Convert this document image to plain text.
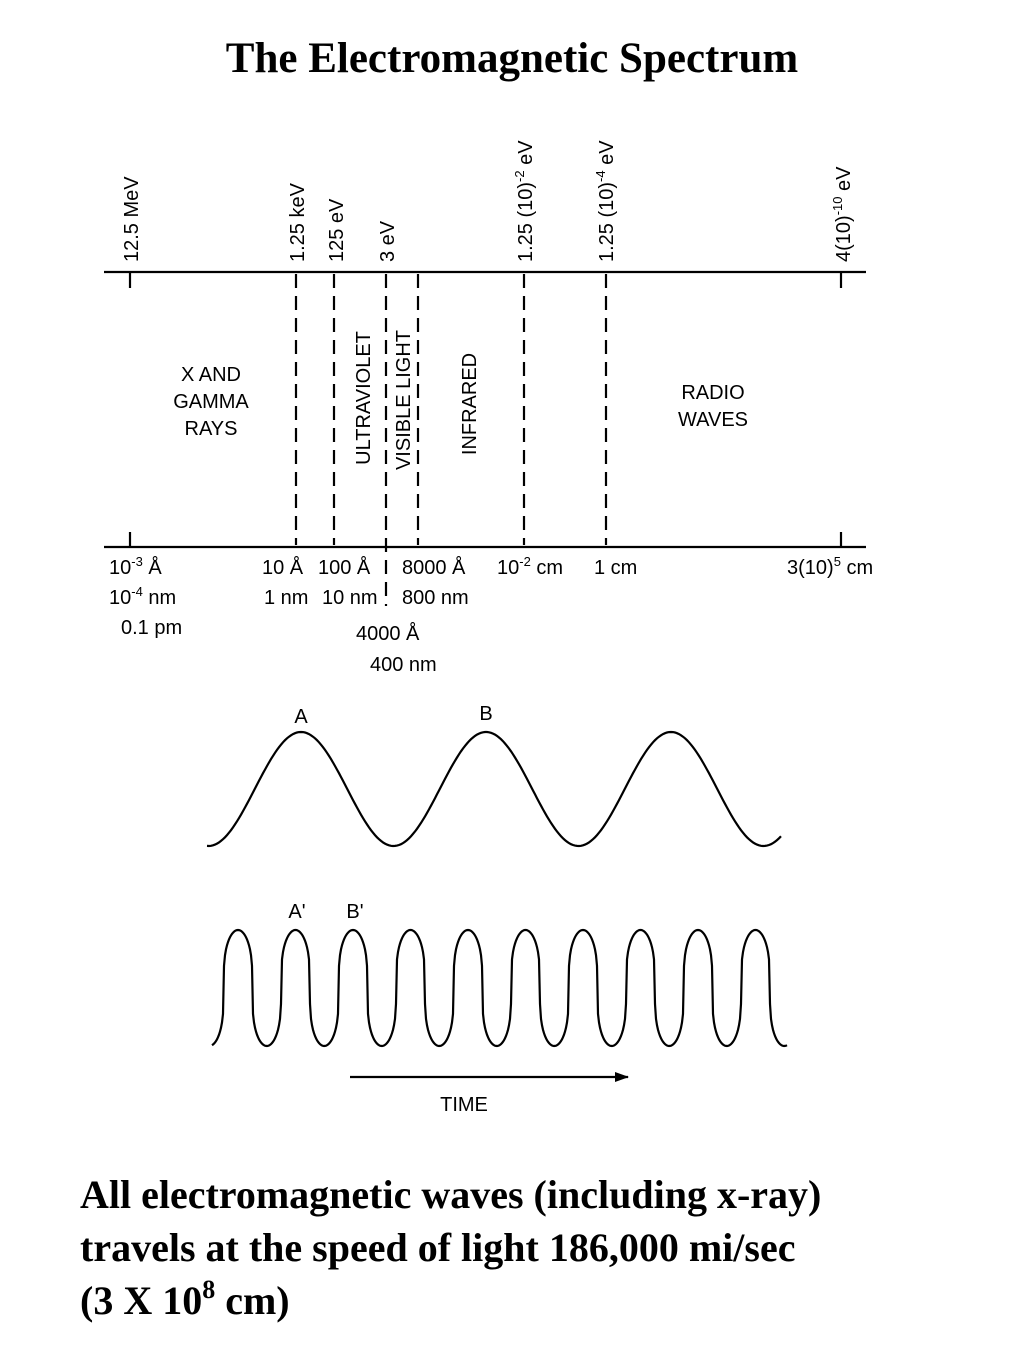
The Electromagnetic Spectrum
12.5 MeV	1.25 keV 125 eV 3 eV	1.25 $(10)^{-2}$ eV
1.25 $(10)^{-4}$ eV
$4(10)^{-10}$ eV
X AND
GAMMA
RAYS	ULTRAVIOLET VISIBLE LIGHT INFRARED	RADIO
WAVES
$10^{-3}$ Å
$10^{-4}$ nm
0.1 pm
10 Å
1 nm
100 Å
10 nm
4000 Å
400 nm
8000 Å
800 nm
$10^{-2}$ cm 1 cm	$3(10)^5$ cm
A	B
A' B'
TIME
All electromagnetic waves (including x-ray)
travels at the speed of light 186,000 mi/sec
(3 X $10^8$ cm)
